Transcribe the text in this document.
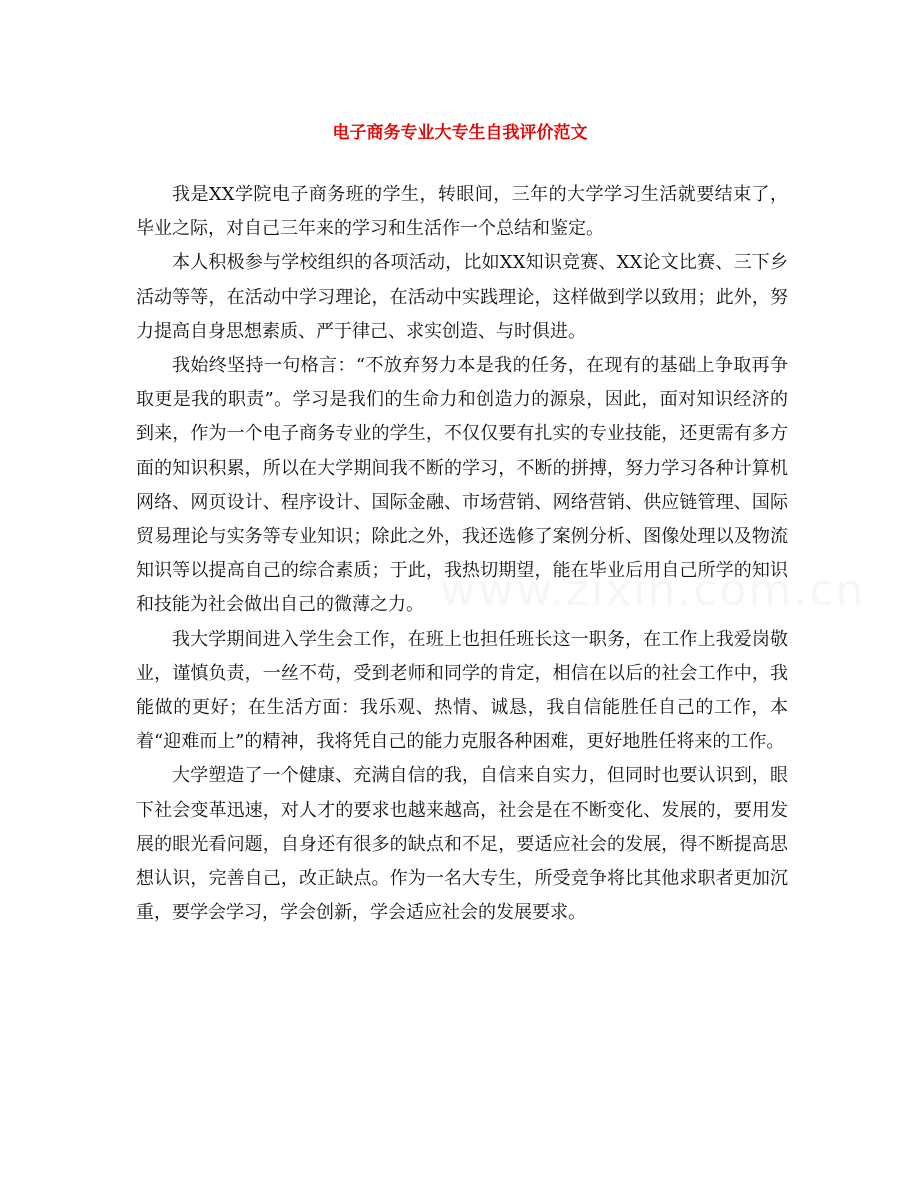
电子商务专业大专生自我评价范文

我是XX学院电子商务班的学生，转眼间，三年的大学学习生活就要结束了，毕业之际，对自己三年来的学习和生活作一个总结和鉴定。

本人积极参与学校组织的各项活动，比如XX知识竞赛、XX论文比赛、三下乡活动等等，在活动中学习理论，在活动中实践理论，这样做到学以致用；此外，努力提高自身思想素质、严于律己、求实创造、与时俱进。

我始终坚持一句格言：“不放弃努力本是我的任务，在现有的基础上争取再争取更是我的职责”。学习是我们的生命力和创造力的源泉，因此，面对知识经济的到来，作为一个电子商务专业的学生，不仅仅要有扎实的专业技能，还更需有多方面的知识积累，所以在大学期间我不断的学习，不断的拼搏，努力学习各种计算机网络、网页设计、程序设计、国际金融、市场营销、网络营销、供应链管理、国际贸易理论与实务等专业知识；除此之外，我还选修了案例分析、图像处理以及物流知识等以提高自己的综合素质；于此，我热切期望，能在毕业后用自己所学的知识和技能为社会做出自己的微薄之力。

我大学期间进入学生会工作，在班上也担任班长这一职务，在工作上我爱岗敬业，谨慎负责，一丝不苟，受到老师和同学的肯定，相信在以后的社会工作中，我能做的更好；在生活方面：我乐观、热情、诚恳，我自信能胜任自己的工作，本着“迎难而上”的精神，我将凭自己的能力克服各种困难，更好地胜任将来的工作。

大学塑造了一个健康、充满自信的我，自信来自实力，但同时也要认识到，眼下社会变革迅速，对人才的要求也越来越高，社会是在不断变化、发展的，要用发展的眼光看问题，自身还有很多的缺点和不足，要适应社会的发展，得不断提高思想认识，完善自己，改正缺点。作为一名大专生，所受竞争将比其他求职者更加沉重，要学会学习，学会创新，学会适应社会的发展要求。
